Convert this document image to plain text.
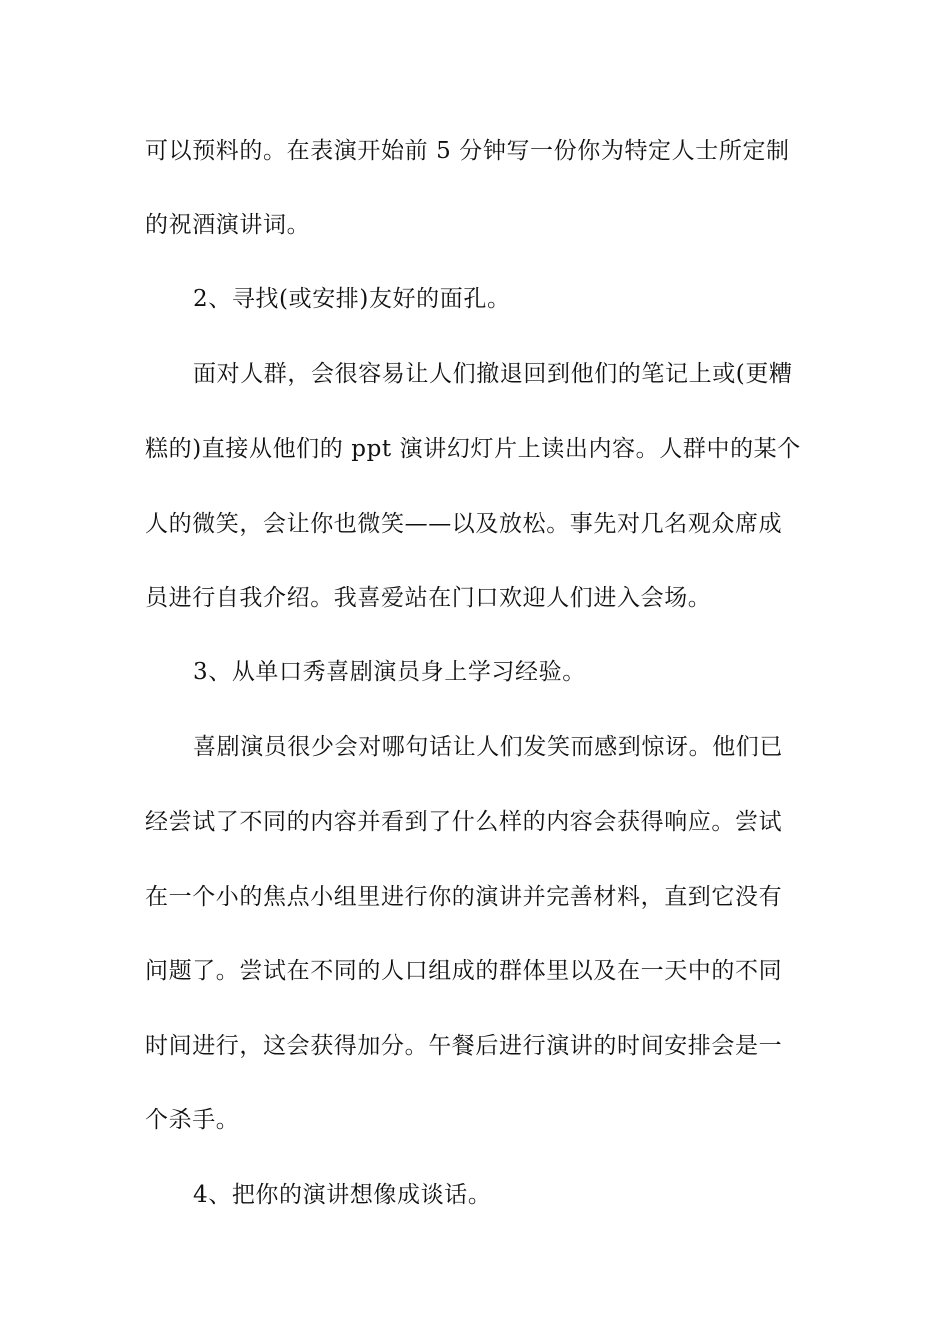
可以预料的。在表演开始前 5 分钟写一份你为特定人士所定制
的祝酒演讲词。
2、寻找(或安排)友好的面孔。
面对人群，会很容易让人们撤退回到他们的笔记上或(更糟
糕的)直接从他们的 ppt 演讲幻灯片上读出内容。人群中的某个
人的微笑，会让你也微笑——以及放松。事先对几名观众席成
员进行自我介绍。我喜爱站在门口欢迎人们进入会场。
3、从单口秀喜剧演员身上学习经验。
喜剧演员很少会对哪句话让人们发笑而感到惊讶。他们已
经尝试了不同的内容并看到了什么样的内容会获得响应。尝试
在一个小的焦点小组里进行你的演讲并完善材料，直到它没有
问题了。尝试在不同的人口组成的群体里以及在一天中的不同
时间进行，这会获得加分。午餐后进行演讲的时间安排会是一
个杀手。
4、把你的演讲想像成谈话。
